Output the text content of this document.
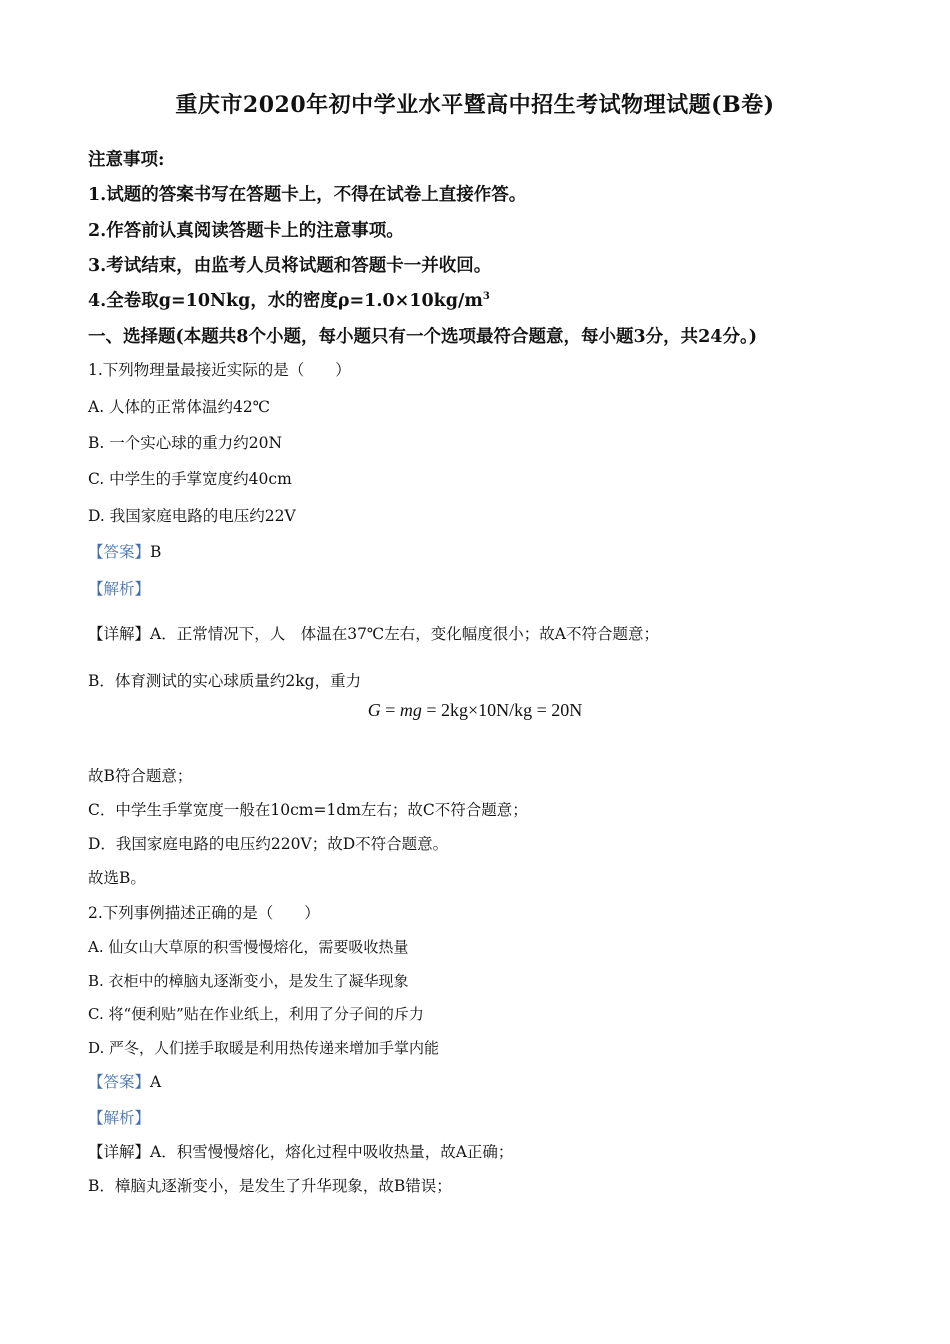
重庆市2020年初中学业水平暨高中招生考试物理试题(B卷)
注意事项:
1.试题的答案书写在答题卡上，不得在试卷上直接作答。
2.作答前认真阅读答题卡上的注意事项。
3.考试结束，由监考人员将试题和答题卡一并收回。
4.全卷取g=10Nkg，水的密度$\rho=1.0\times 10kg/m^3$
一、选择题(本题共8个小题，每小题只有一个选项最符合题意，每小题3分，共24分。)
1.下列物理量最接近实际的是（　　）
A. 人体的正常体温约42℃
B. 一个实心球的重力约20N
C. 中学生的手掌宽度约40cm
D. 我国家庭电路的电压约22V
【答案】B
【解析】
【详解】A．正常情况下，人　体温在37℃左右，变化幅度很小；故A不符合题意；
B．体育测试的实心球质量约2kg，重力
G = mg = 2kg×10N/kg = 20N
故B符合题意；
C．中学生手掌宽度一般在10cm=1dm左右；故C不符合题意；
D．我国家庭电路的电压约220V；故D不符合题意。
故选B。
2.下列事例描述正确的是（　　）
A. 仙女山大草原的积雪慢慢熔化，需要吸收热量
B. 衣柜中的樟脑丸逐渐变小，是发生了凝华现象
C. 将“便利贴”贴在作业纸上，利用了分子间的斥力
D. 严冬，人们搓手取暖是利用热传递来增加手掌内能
【答案】A
【解析】
【详解】A．积雪慢慢熔化，熔化过程中吸收热量，故A正确；
B．樟脑丸逐渐变小，是发生了升华现象，故B错误；
